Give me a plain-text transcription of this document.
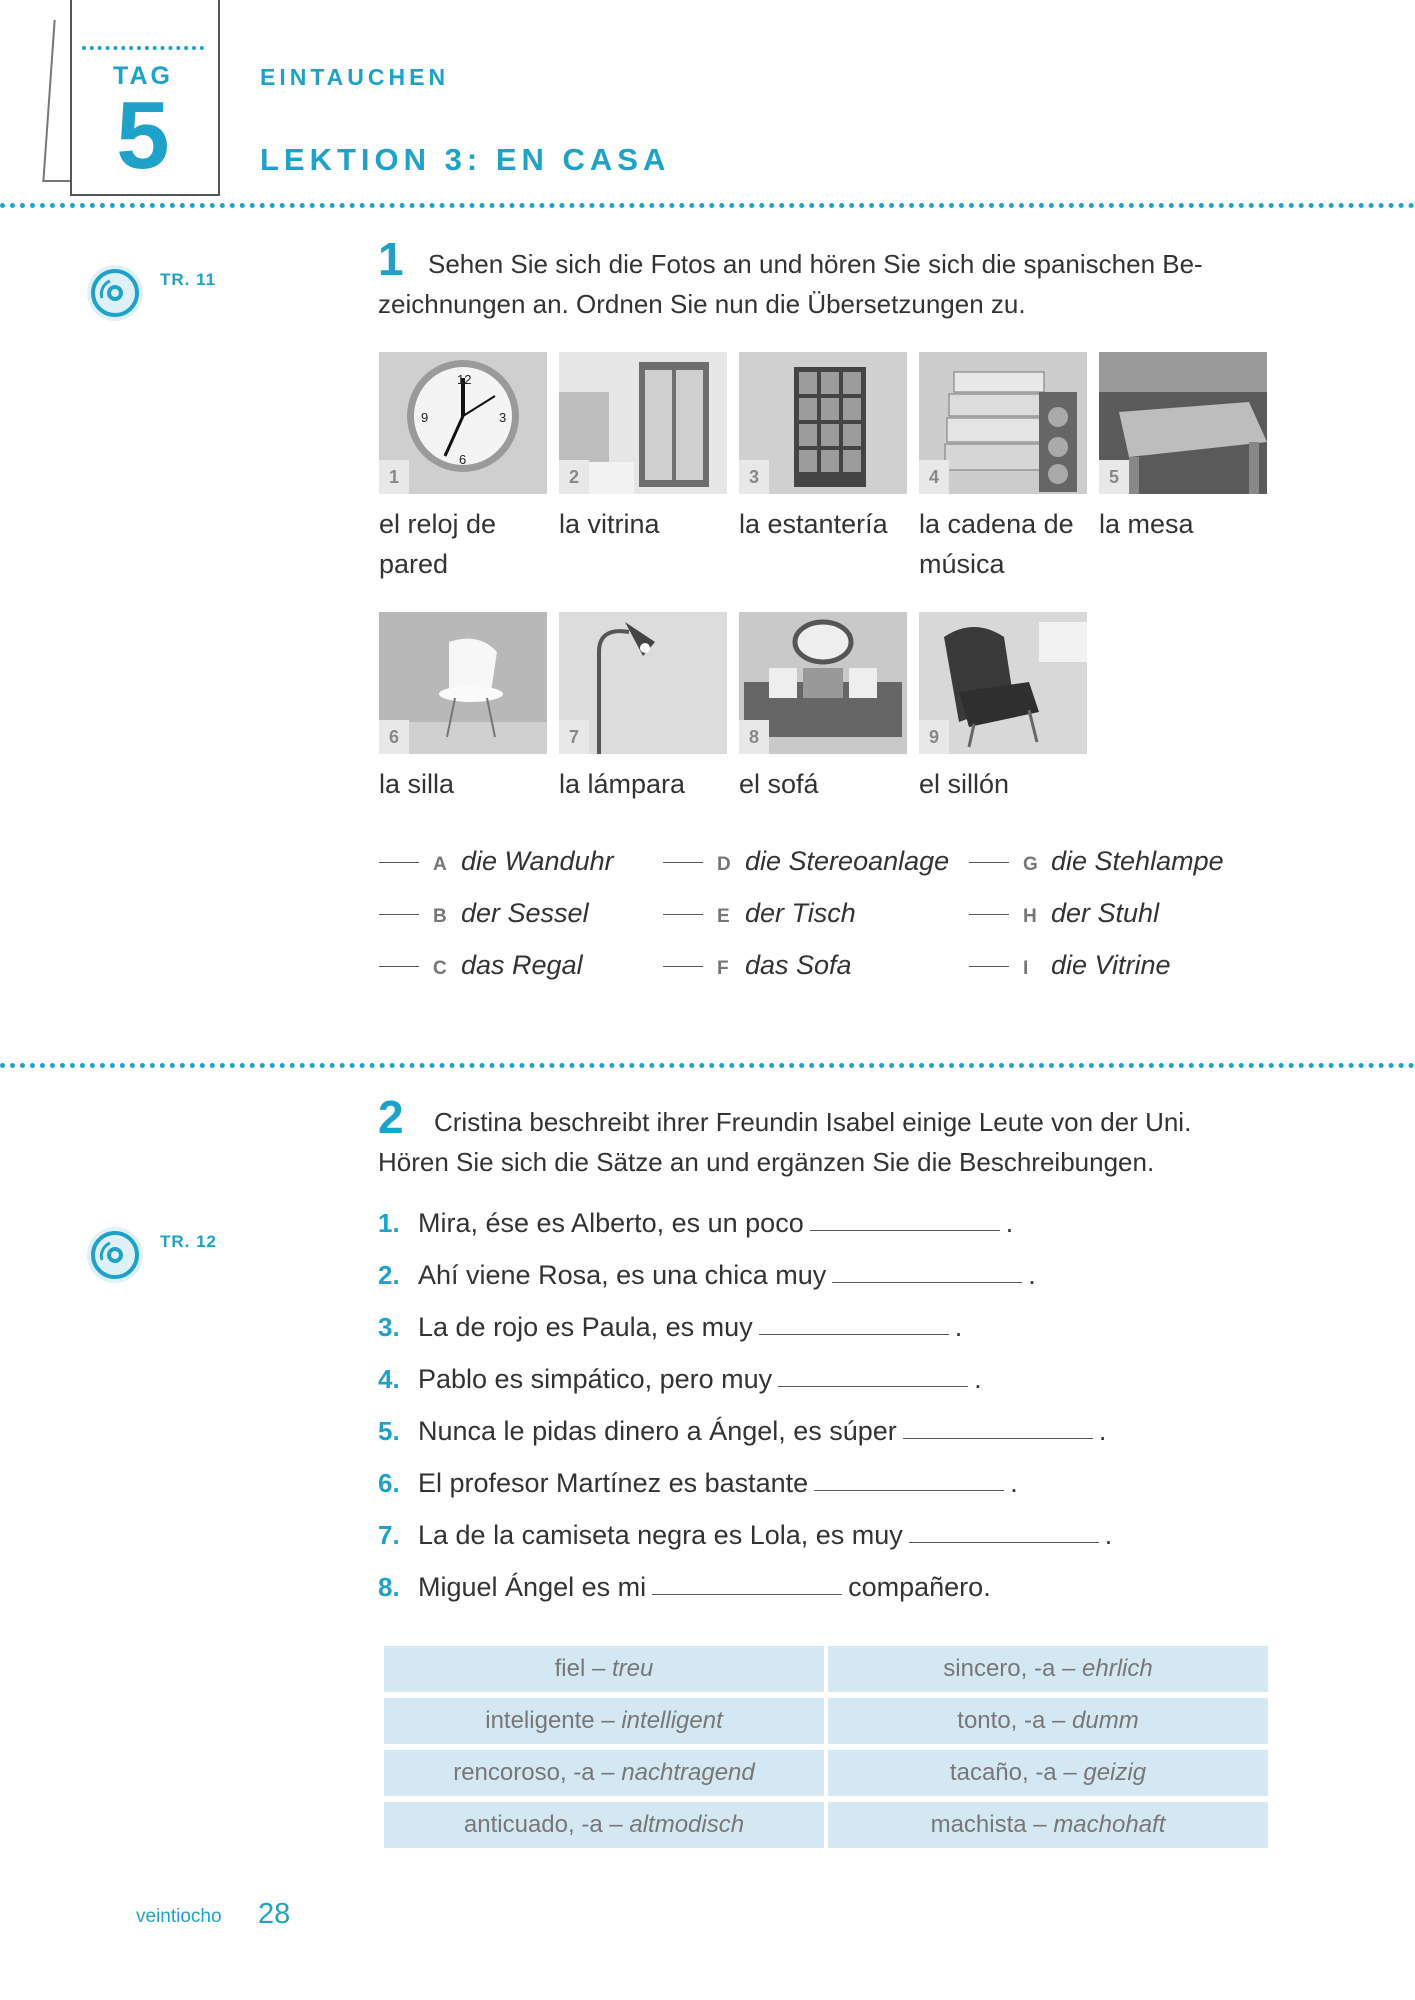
TAG
5
EINTAUCHEN
LEKTION 3: EN CASA
TR. 11	1 Sehen Sie sich die Fotos an und hören Sie sich die spanischen Be-
zeichnungen an. Ordnen Sie nun die Übersetzungen zu.
12
3
6
9
1	2	3	4	5
el reloj de
pared
la vitrina	la estantería	la cadena de
música
la mesa
6	7	8	9
la silla	la lámpara	el sofá	el sillón
A die Wanduhr
B der Sessel
C das Regal
D die Stereoanlage
E der Tisch
F das Sofa
G die Stehlampe
H der Stuhl
I die Vitrine
2 Cristina beschreibt ihrer Freundin Isabel einige Leute von der Uni.
Hören Sie sich die Sätze an und ergänzen Sie die Beschreibungen.
TR. 12
1. Mira, ése es Alberto, es un poco	.
2. Ahí viene Rosa, es una chica muy	.
3. La de rojo es Paula, es muy	.
4. Pablo es simpático, pero muy	.
5. Nunca le pidas dinero a Ángel, es súper	.
6. El profesor Martínez es bastante	.
7. La de la camiseta negra es Lola, es muy	.
8. Miguel Ángel es mi	compañero.
fiel – treu	sincero, -a – ehrlich
inteligente – intelligent	tonto, -a – dumm
rencoroso, -a – nachtragend	tacaño, -a – geizig
anticuado, -a – altmodisch	machista – machohaft
veintiocho 28
